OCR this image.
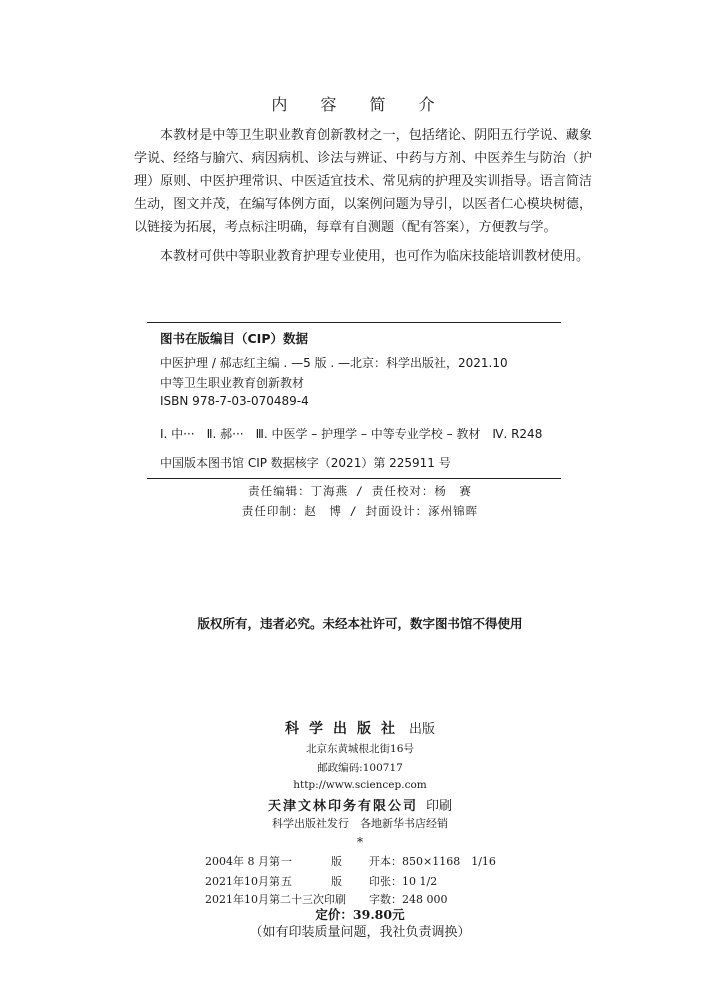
内 容 简 介
本教材是中等卫生职业教育创新教材之一，包括绪论、阴阳五行学说、藏象学说、经络与腧穴、病因病机、诊法与辨证、中药与方剂、中医养生与防治（护理）原则、中医护理常识、中医适宜技术、常见病的护理及实训指导。语言简洁生动，图文并茂，在编写体例方面，以案例问题为导引，以医者仁心模块树德，以链接为拓展，考点标注明确，每章有自测题（配有答案），方便教与学。
本教材可供中等职业教育护理专业使用，也可作为临床技能培训教材使用。
图书在版编目（CIP）数据
中医护理 / 郝志红主编 . —5 版 . —北京：科学出版社，2021.10
中等卫生职业教育创新教材
ISBN 978-7-03-070489-4
Ⅰ. 中···　Ⅱ. 郝···　Ⅲ. 中医学 – 护理学 – 中等专业学校 – 教材　Ⅳ. R248
中国版本图书馆 CIP 数据核字（2021）第 225911 号
责任编辑：丁海燕 / 责任校对：杨　赛
责任印制：赵　博 / 封面设计：涿州锦晖
版权所有，违者必究。未经本社许可，数字图书馆不得使用
科学出版社 出版
北京东黄城根北街16号
邮政编码:100717
http://www.sciencep.com
天津文林印务有限公司 印刷
科学出版社发行　各地新华书店经销
*
2004年 8 月第一	版 开本：850×1168　1/16
2021年10月第五	版 印张：10 1/2
2021年10月第二十三次印刷 字数：248 000
定价：39.80元
（如有印装质量问题，我社负责调换）
